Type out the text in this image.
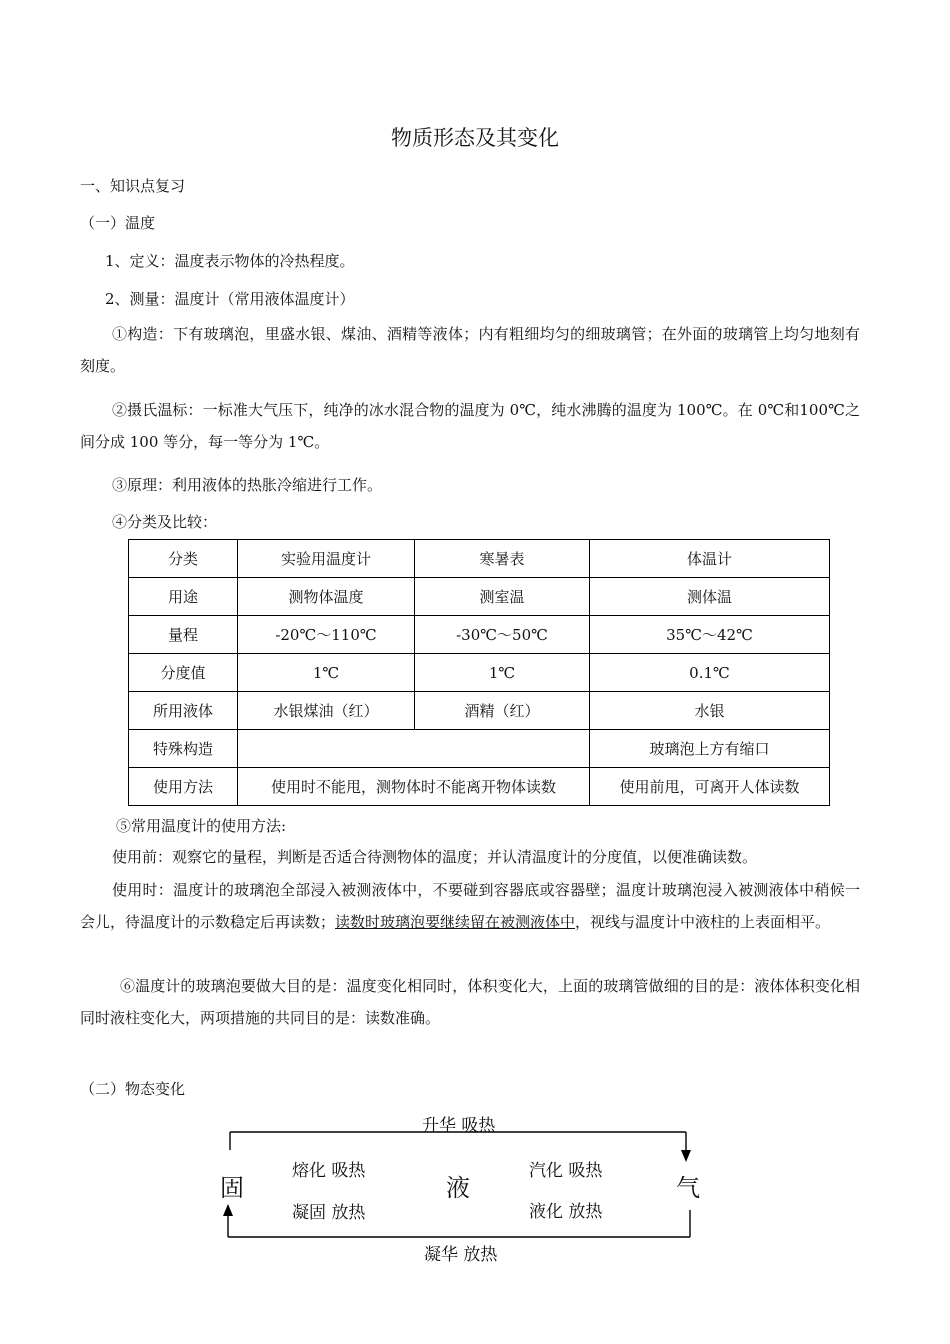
物质形态及其变化
一、知识点复习
（一）温度
1、定义：温度表示物体的冷热程度。
2、测量：温度计（常用液体温度计）
①构造：下有玻璃泡，里盛水银、煤油、酒精等液体；内有粗细均匀的细玻璃管；在外面的玻璃管上均匀地刻有刻度。
②摄氏温标：一标准大气压下，纯净的冰水混合物的温度为 0℃，纯水沸腾的温度为 100℃。在 0℃和100℃之间分成 100 等分，每一等分为 1℃。
③原理：利用液体的热胀冷缩进行工作。
④分类及比较：
分类	实验用温度计	寒暑表	体温计
用途	测物体温度	测室温	测体温
量程	-20℃～110℃	-30℃～50℃	35℃～42℃
分度值	1℃	1℃	0.1℃
所用液体	水银煤油（红）	酒精（红）	水银
特殊构造			玻璃泡上方有缩口
使用方法	使用时不能甩，测物体时不能离开物体读数		使用前甩，可离开人体读数
⑤常用温度计的使用方法:
使用前：观察它的量程，判断是否适合待测物体的温度；并认清温度计的分度值，以便准确读数。
使用时：温度计的玻璃泡全部浸入被测液体中，不要碰到容器底或容器壁；温度计玻璃泡浸入被测液体中稍候一会儿，待温度计的示数稳定后再读数；读数时玻璃泡要继续留在被测液体中，视线与温度计中液柱的上表面相平。
⑥温度计的玻璃泡要做大目的是：温度变化相同时，体积变化大，上面的玻璃管做细的目的是：液体体积变化相同时液柱变化大，两项措施的共同目的是：读数准确。
（二）物态变化
升华 吸热
凝华 放热
固	液	气
熔化 吸热
凝固 放热
汽化 吸热
液化 放热
